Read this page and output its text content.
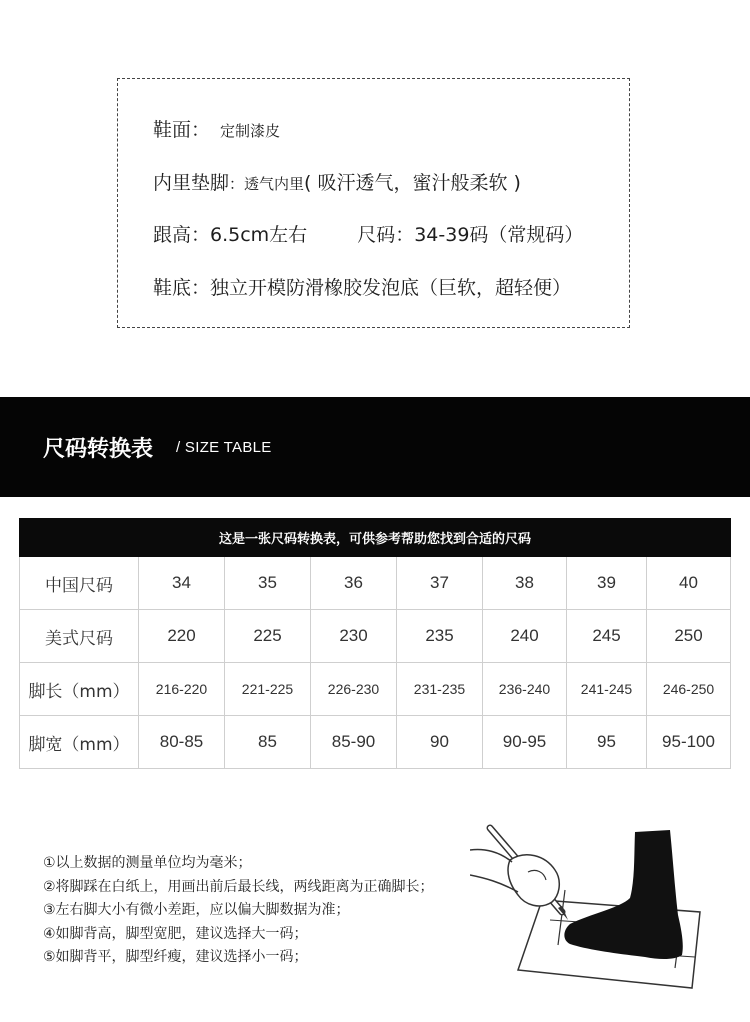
鞋面： 定制漆皮
内里垫脚：透气内里( 吸汗透气，蜜汁般柔软 )
跟高：6.5cm左右	尺码：34-39码（常规码）
鞋底：独立开模防滑橡胶发泡底（巨软，超轻便）
尺码转换表 / SIZE TABLE
这是一张尺码转换表，可供参考帮助您找到合适的尺码							
中国尺码	34	35	36	37	38	39	40
美式尺码	220	225	230	235	240	245	250
脚长（mm）	216-220	221-225	226-230	231-235	236-240	241-245	246-250
脚宽（mm）	80-85	85	85-90	90	90-95	95	95-100
①以上数据的测量单位均为毫米；
②将脚踩在白纸上，用画出前后最长线，两线距离为正确脚长；
③左右脚大小有微小差距，应以偏大脚数据为准；
④如脚背高，脚型宽肥，建议选择大一码；
⑤如脚背平，脚型纤瘦，建议选择小一码；
